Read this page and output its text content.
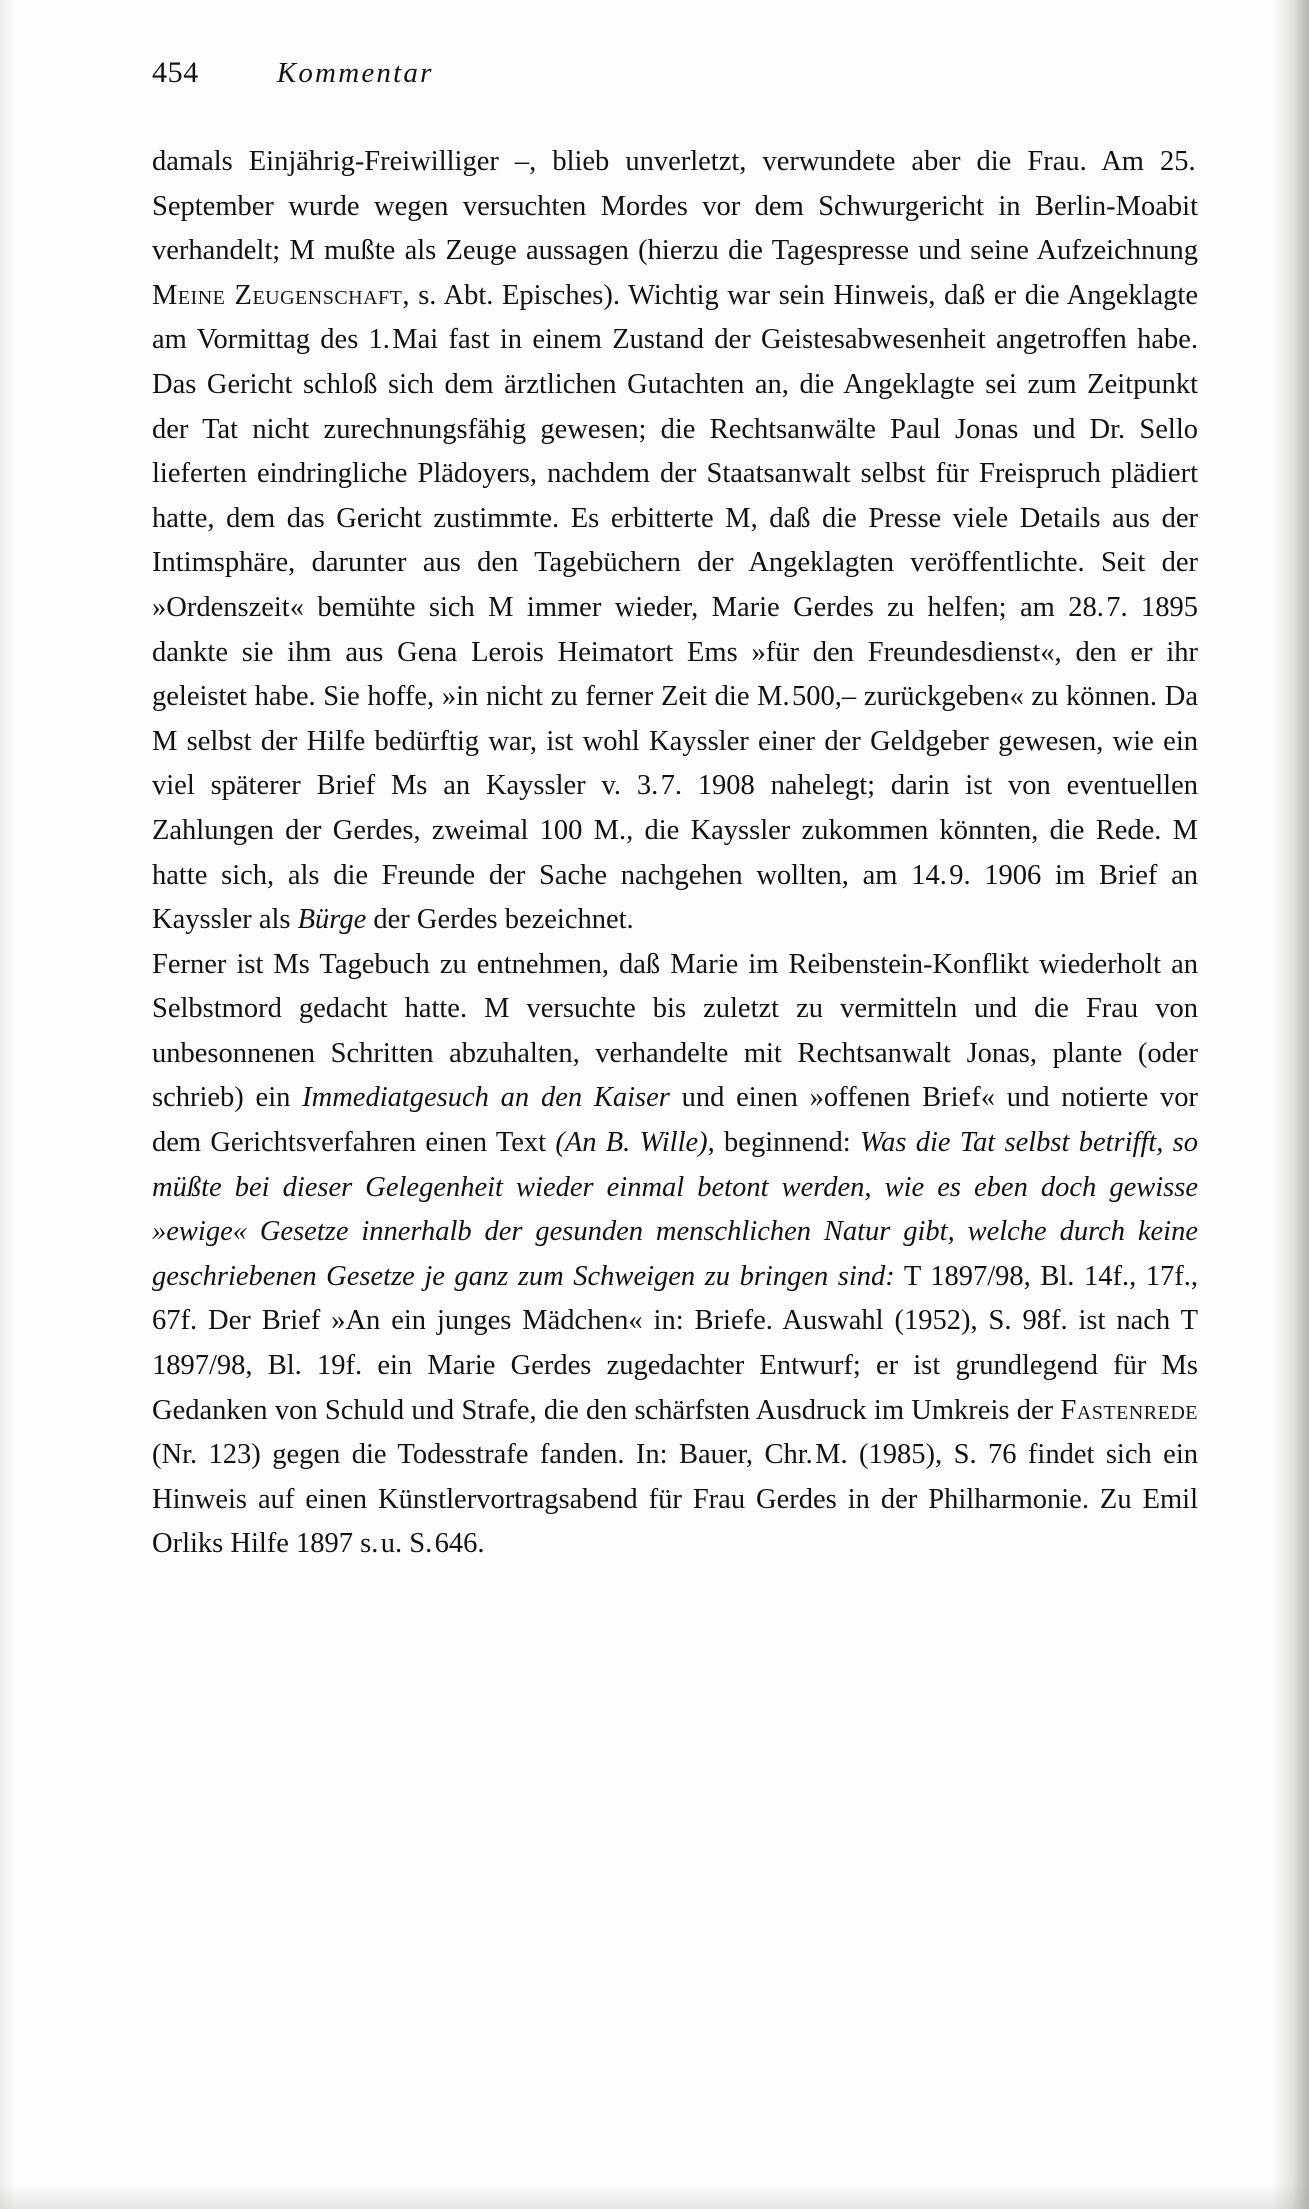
454	Kommentar

damals Einjährig-Freiwilliger –, blieb unverletzt, verwundete aber die Frau. Am 25. September wurde wegen versuchten Mordes vor dem Schwurgericht in Berlin-Moabit verhandelt; M mußte als Zeuge aussagen (hierzu die Tagespresse und seine Aufzeichnung Meine Zeugenschaft, s. Abt. Episches). Wichtig war sein Hinweis, daß er die Angeklagte am Vormittag des 1. Mai fast in einem Zustand der Geistesabwesenheit angetroffen habe. Das Gericht schloß sich dem ärztlichen Gutachten an, die Angeklagte sei zum Zeitpunkt der Tat nicht zurechnungsfähig gewesen; die Rechtsanwälte Paul Jonas und Dr. Sello lieferten eindringliche Plädoyers, nachdem der Staatsanwalt selbst für Freispruch plädiert hatte, dem das Gericht zustimmte. Es erbitterte M, daß die Presse viele Details aus der Intimsphäre, darunter aus den Tagebüchern der Angeklagten veröffentlichte. Seit der »Ordenszeit« bemühte sich M immer wieder, Marie Gerdes zu helfen; am 28. 7. 1895 dankte sie ihm aus Gena Lerois Heimatort Ems »für den Freundesdienst«, den er ihr geleistet habe. Sie hoffe, »in nicht zu ferner Zeit die M. 500,– zurückgeben« zu können. Da M selbst der Hilfe bedürftig war, ist wohl Kayssler einer der Geldgeber gewesen, wie ein viel späterer Brief Ms an Kayssler v. 3. 7. 1908 nahelegt; darin ist von eventuellen Zahlungen der Gerdes, zweimal 100 M., die Kayssler zukommen könnten, die Rede. M hatte sich, als die Freunde der Sache nachgehen wollten, am 14. 9. 1906 im Brief an Kayssler als Bürge der Gerdes bezeichnet.

Ferner ist Ms Tagebuch zu entnehmen, daß Marie im Reibenstein-Konflikt wiederholt an Selbstmord gedacht hatte. M versuchte bis zuletzt zu vermitteln und die Frau von unbesonnenen Schritten abzuhalten, verhandelte mit Rechtsanwalt Jonas, plante (oder schrieb) ein Immediatgesuch an den Kaiser und einen »offenen Brief« und notierte vor dem Gerichtsverfahren einen Text (An B. Wille), beginnend: Was die Tat selbst betrifft, so müßte bei dieser Gelegenheit wieder einmal betont werden, wie es eben doch gewisse »ewige« Gesetze innerhalb der gesunden menschlichen Natur gibt, welche durch keine geschriebenen Gesetze je ganz zum Schweigen zu bringen sind: T 1897/98, Bl. 14f., 17f., 67f. Der Brief »An ein junges Mädchen« in: Briefe. Auswahl (1952), S. 98f. ist nach T 1897/98, Bl. 19f. ein Marie Gerdes zugedachter Entwurf; er ist grundlegend für Ms Gedanken von Schuld und Strafe, die den schärfsten Ausdruck im Umkreis der Fastenrede (Nr. 123) gegen die Todesstrafe fanden. In: Bauer, Chr. M. (1985), S. 76 findet sich ein Hinweis auf einen Künstlervortragsabend für Frau Gerdes in der Philharmonie. Zu Emil Orliks Hilfe 1897 s. u. S. 646.
